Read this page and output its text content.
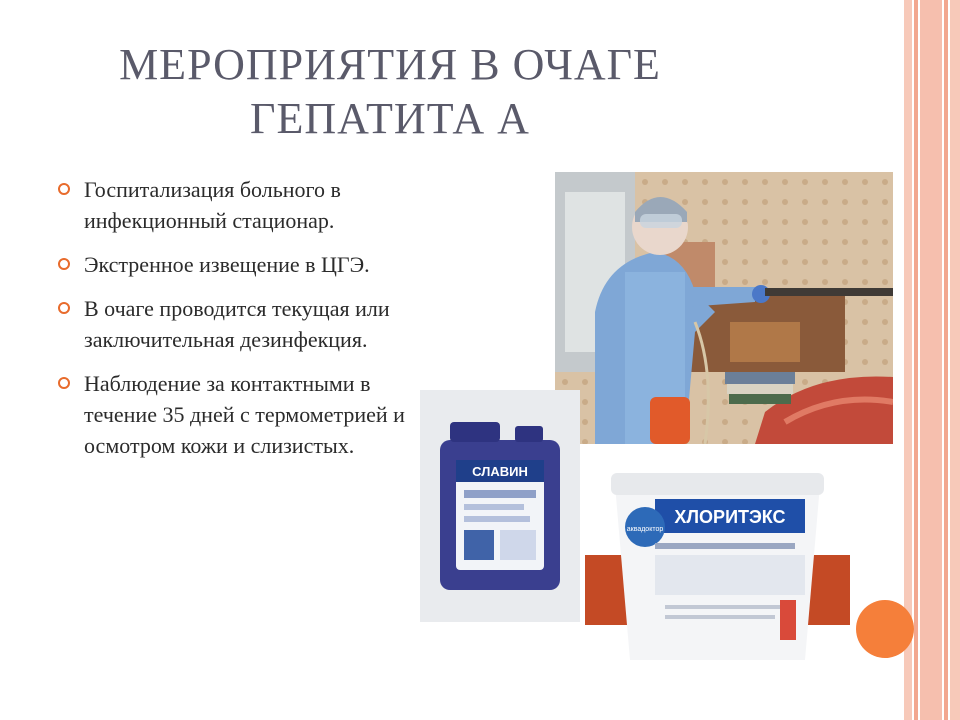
МЕРОПРИЯТИЯ В ОЧАГЕ ГЕПАТИТА А
Госпитализация больного в инфекционный стационар.
Экстренное извещение в ЦГЭ.
В очаге проводится текущая или заключительная дезинфекция.
Наблюдение за контактными в течение 35 дней с термометрией и осмотром кожи и слизистых.
СЛАВИН
ХЛОРИТЭКС
аквадоктор
